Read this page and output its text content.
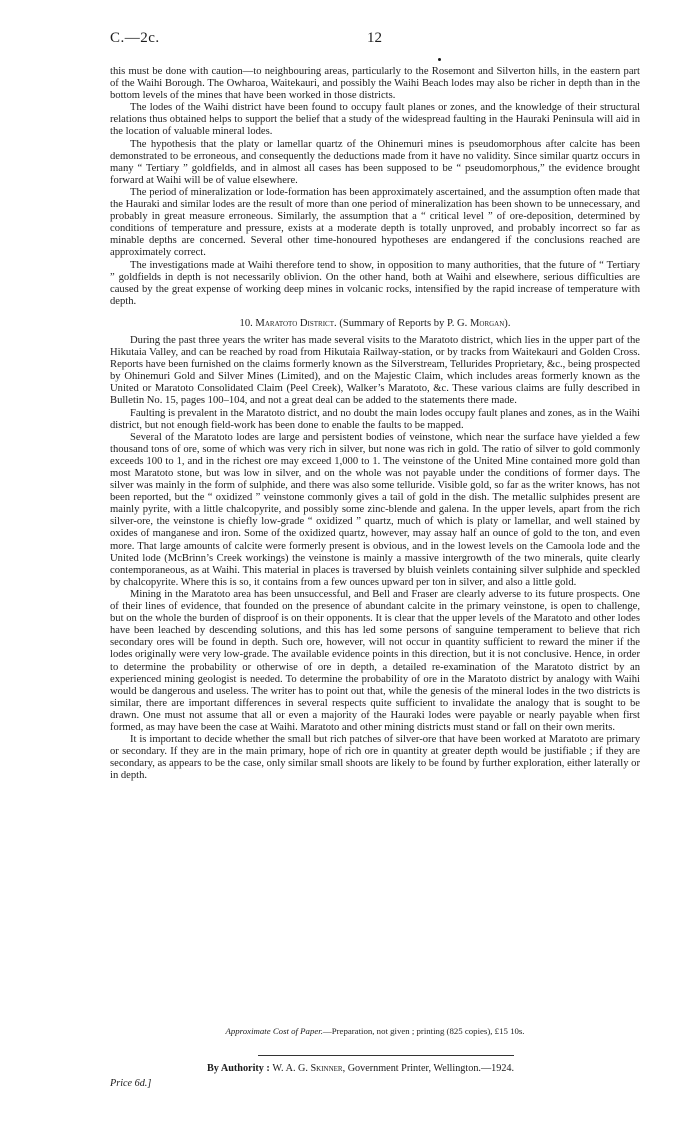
C.—2c.	12

this must be done with caution—to neighbouring areas, particularly to the Rosemont and Silverton hills, in the eastern part of the Waihi Borough. The Owharoa, Waitekauri, and possibly the Waihi Beach lodes may also be richer in depth than in the bottom levels of the mines that have been worked in those districts.

The lodes of the Waihi district have been found to occupy fault planes or zones, and the knowledge of their structural relations thus obtained helps to support the belief that a study of the widespread faulting in the Hauraki Peninsula will aid in the location of valuable mineral lodes.

The hypothesis that the platy or lamellar quartz of the Ohinemuri mines is pseudomorphous after calcite has been demonstrated to be erroneous, and consequently the deductions made from it have no validity. Since similar quartz occurs in many “ Tertiary ” goldfields, and in almost all cases has been supposed to be “ pseudomorphous,” the evidence brought forward at Waihi will be of value elsewhere.

The period of mineralization or lode-formation has been approximately ascertained, and the assumption often made that the Hauraki and similar lodes are the result of more than one period of mineralization has been shown to be unnecessary, and probably in great measure erroneous. Similarly, the assumption that a “ critical level ” of ore-deposition, determined by conditions of temperature and pressure, exists at a moderate depth is totally unproved, and probably incorrect so far as minable depths are concerned. Several other time-honoured hypotheses are endangered if the conclusions reached are approximately correct.

The investigations made at Waihi therefore tend to show, in opposition to many authorities, that the future of “ Tertiary ” goldfields in depth is not necessarily oblivion. On the other hand, both at Waihi and elsewhere, serious difficulties are caused by the great expense of working deep mines in volcanic rocks, intensified by the rapid increase of temperature with depth.

10. Maratoto District. (Summary of Reports by P. G. Morgan).

During the past three years the writer has made several visits to the Maratoto district, which lies in the upper part of the Hikutaia Valley, and can be reached by road from Hikutaia Railway-station, or by tracks from Waitekauri and Golden Cross. Reports have been furnished on the claims formerly known as the Silverstream, Tellurides Proprietary, &c., being prospected by Ohinemuri Gold and Silver Mines (Limited), and on the Majestic Claim, which includes areas formerly known as the United or Maratoto Consolidated Claim (Peel Creek), Walker’s Maratoto, &c. These various claims are fully described in Bulletin No. 15, pages 100–104, and not a great deal can be added to the statements there made.

Faulting is prevalent in the Maratoto district, and no doubt the main lodes occupy fault planes and zones, as in the Waihi district, but not enough field-work has been done to enable the faults to be mapped.

Several of the Maratoto lodes are large and persistent bodies of veinstone, which near the surface have yielded a few thousand tons of ore, some of which was very rich in silver, but none was rich in gold. The ratio of silver to gold commonly exceeds 100 to 1, and in the richest ore may exceed 1,000 to 1. The veinstone of the United Mine contained more gold than most Maratoto stone, but was low in silver, and on the whole was not payable under the conditions of former days. The silver was mainly in the form of sulphide, and there was also some telluride. Visible gold, so far as the writer knows, has not been reported, but the “ oxidized ” veinstone commonly gives a tail of gold in the dish. The metallic sulphides present are mainly pyrite, with a little chalcopyrite, and possibly some zinc-blende and galena. In the upper levels, apart from the rich silver-ore, the veinstone is chiefly low-grade “ oxidized ” quartz, much of which is platy or lamellar, and well stained by oxides of manganese and iron. Some of the oxidized quartz, however, may assay half an ounce of gold to the ton, and even more. That large amounts of calcite were formerly present is obvious, and in the lowest levels on the Camoola lode and the United lode (McBrinn’s Creek workings) the veinstone is mainly a massive intergrowth of the two minerals, quite clearly contemporaneous, as at Waihi. This material in places is traversed by bluish veinlets containing silver sulphide and speckled by chalcopyrite. Where this is so, it contains from a few ounces upward per ton in silver, and also a little gold.

Mining in the Maratoto area has been unsuccessful, and Bell and Fraser are clearly adverse to its future prospects. One of their lines of evidence, that founded on the presence of abundant calcite in the primary veinstone, is open to challenge, but on the whole the burden of disproof is on their opponents. It is clear that the upper levels of the Maratoto and other lodes have been leached by descending solutions, and this has led some persons of sanguine temperament to believe that rich secondary ores will be found in depth. Such ore, however, will not occur in quantity sufficient to reward the miner if the lodes originally were very low-grade. The available evidence points in this direction, but it is not conclusive. Hence, in order to determine the probability or otherwise of ore in depth, a detailed re-examination of the Maratoto district by an experienced mining geologist is needed. To determine the probability of ore in the Maratoto district by analogy with Waihi would be dangerous and useless. The writer has to point out that, while the genesis of the mineral lodes in the two districts is similar, there are important differences in several respects quite sufficient to invalidate the analogy that is sought to be drawn. One must not assume that all or even a majority of the Hauraki lodes were payable or nearly payable when first formed, as may have been the case at Waihi. Maratoto and other mining districts must stand or fall on their own merits.

It is important to decide whether the small but rich patches of silver-ore that have been worked at Maratoto are primary or secondary. If they are in the main primary, hope of rich ore in quantity at greater depth would be justifiable ; if they are secondary, as appears to be the case, only similar small shoots are likely to be found by further exploration, either laterally or in depth.

Approximate Cost of Paper.—Preparation, not given ; printing (825 copies), £15 10s.
By Authority : W. A. G. Skinner, Government Printer, Wellington.—1924.
Price 6d.]
